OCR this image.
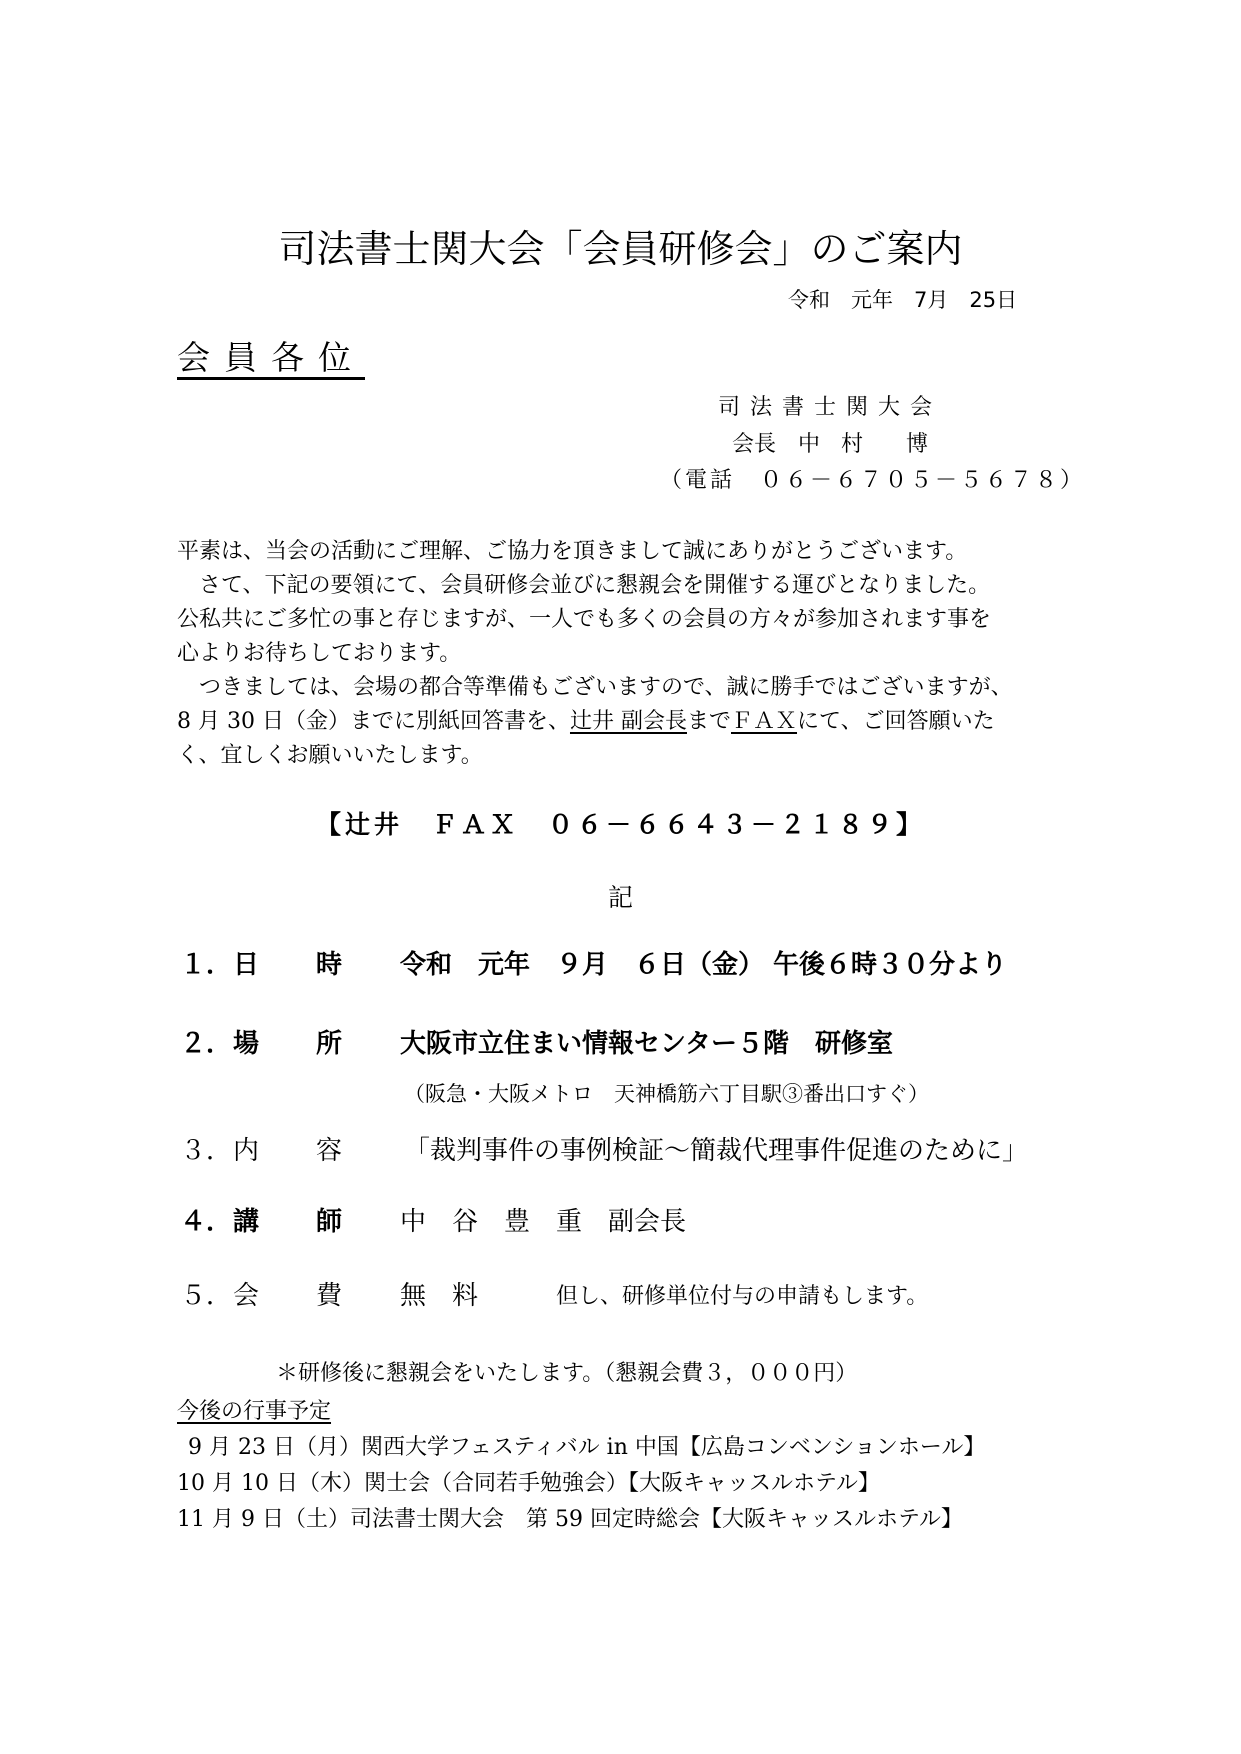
司法書士関大会「会員研修会」のご案内
令和　元年　7月　25日
会員各位
司法書士関大会
会長　中 村　 博
（電話　０６－６７０５－５６７８）
平素は、当会の活動にご理解、ご協力を頂きまして誠にありがとうございます。
　さて、下記の要領にて、会員研修会並びに懇親会を開催する運びとなりました。
公私共にご多忙の事と存じますが、一人でも多くの会員の方々が参加されます事を
心よりお待ちしております。
　つきましては、会場の都合等準備もございますので、誠に勝手ではございますが、
8 月 30 日（金）までに別紙回答書を、辻井 副会長までＦＡＸにて、ご回答願いた
く、宜しくお願いいたします。
【辻井　ＦＡＸ　０６－６６４３－２１８９】
記
１． 日 時 令和　元年　９月　６日（金） 午後６時３０分より
２． 場 所 大阪市立住まい情報センター５階　研修室
（阪急・大阪メトロ　天神橋筋六丁目駅③番出口すぐ）
３． 内 容 「裁判事件の事例検証～簡裁代理事件促進のために」
４． 講 師 中　谷　豊　重　副会長
５． 会 費 無　料	但し、研修単位付与の申請もします。
＊研修後に懇親会をいたします。（懇親会費３，０００円）
今後の行事予定
9 月 23 日（月）関西大学フェスティバル in 中国【広島コンベンションホール】
10 月 10 日（木）関士会（合同若手勉強会）【大阪キャッスルホテル】
11 月 9 日（土）司法書士関大会　第 59 回定時総会【大阪キャッスルホテル】
